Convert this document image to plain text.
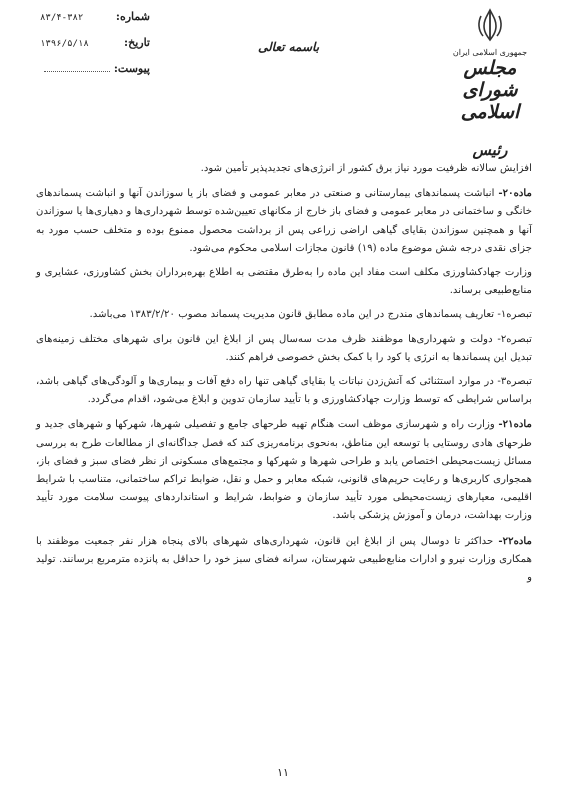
شماره:
۸۳/۴-۳۸۲
تاریخ:
۱۳۹۶/۵/۱۸
پیوست:
باسمه تعالی	جمهوری اسلامی ایران
مجلس شورای اسلامی
رئیس

افزایش سالانه ظرفیت مورد نیاز برق کشور از انرژی‌های تجدیدپذیر تأمین شود.

ماده۲۰- انباشت پسماندهای بیمارستانی و صنعتی در معابر عمومی و فضای باز یا سوزاندن آنها و انباشت پسماندهای خانگی و ساختمانی در معابر عمومی و فضای باز خارج از مکانهای تعیین‌شده توسط شهرداری‌ها و دهیاری‌ها یا سوزاندن آنها و همچنین سوزاندن بقایای گیاهی اراضی زراعی پس از برداشت محصول ممنوع بوده و متخلف حسب مورد به جزای نقدی درجه شش موضوع ماده (۱۹) قانون مجازات اسلامی محکوم می‌شود.

وزارت جهادکشاورزی مکلف است مفاد این ماده را به‌طرق مقتضی به اطلاع بهره‌برداران بخش کشاورزی، عشایری و منابع‌طبیعی برساند.

تبصره۱- تعاریف پسماندهای مندرج در این ماده مطابق قانون مدیریت پسماند مصوب ۱۳۸۳/۲/۲۰ می‌باشد.

تبصره۲- دولت و شهرداری‌ها موظفند ظرف مدت سه‌سال پس از ابلاغ این قانون برای شهرهای مختلف زمینه‌های تبدیل این پسماندها به انرژی یا کود را با کمک بخش خصوصی فراهم کنند.

تبصره۳- در موارد استثنائی که آتش‌زدن نباتات یا بقایای گیاهی تنها راه دفع آفات و بیماری‌ها و آلودگی‌های گیاهی باشد، براساس شرایطی که توسط وزارت جهادکشاورزی و با تأیید سازمان تدوین و ابلاغ می‌شود، اقدام می‌گردد.

ماده۲۱- وزارت راه و شهرسازی موظف است هنگام تهیه طرحهای جامع و تفصیلی شهرها، شهرکها و شهرهای جدید و طرحهای هادی روستایی با توسعه این مناطق، به‌نحوی برنامه‌ریزی کند که فصل جداگانه‌ای از مطالعات طرح به بررسی مسائل زیست‌محیطی اختصاص یابد و طراحی شهرها و شهرکها و مجتمع‌های مسکونی از نظر فضای سبز و فضای باز، همجواری کاربری‌ها و رعایت حریم‌های قانونی، شبکه معابر و حمل و نقل، ضوابط تراکم ساختمانی، متناسب با شرایط اقلیمی، معیارهای زیست‌محیطی مورد تأیید سازمان و ضوابط، شرایط و استانداردهای پیوست سلامت مورد تأیید وزارت بهداشت، درمان و آموزش پزشکی باشد.

ماده۲۲- حداکثر تا دوسال پس از ابلاغ این قانون، شهرداری‌های شهرهای بالای پنجاه هزار نفر جمعیت موظفند با همکاری وزارت نیرو و ادارات منابع‌طبیعی شهرستان، سرانه فضای سبز خود را حداقل به پانزده مترمربع برسانند. تولید و

۱۱
